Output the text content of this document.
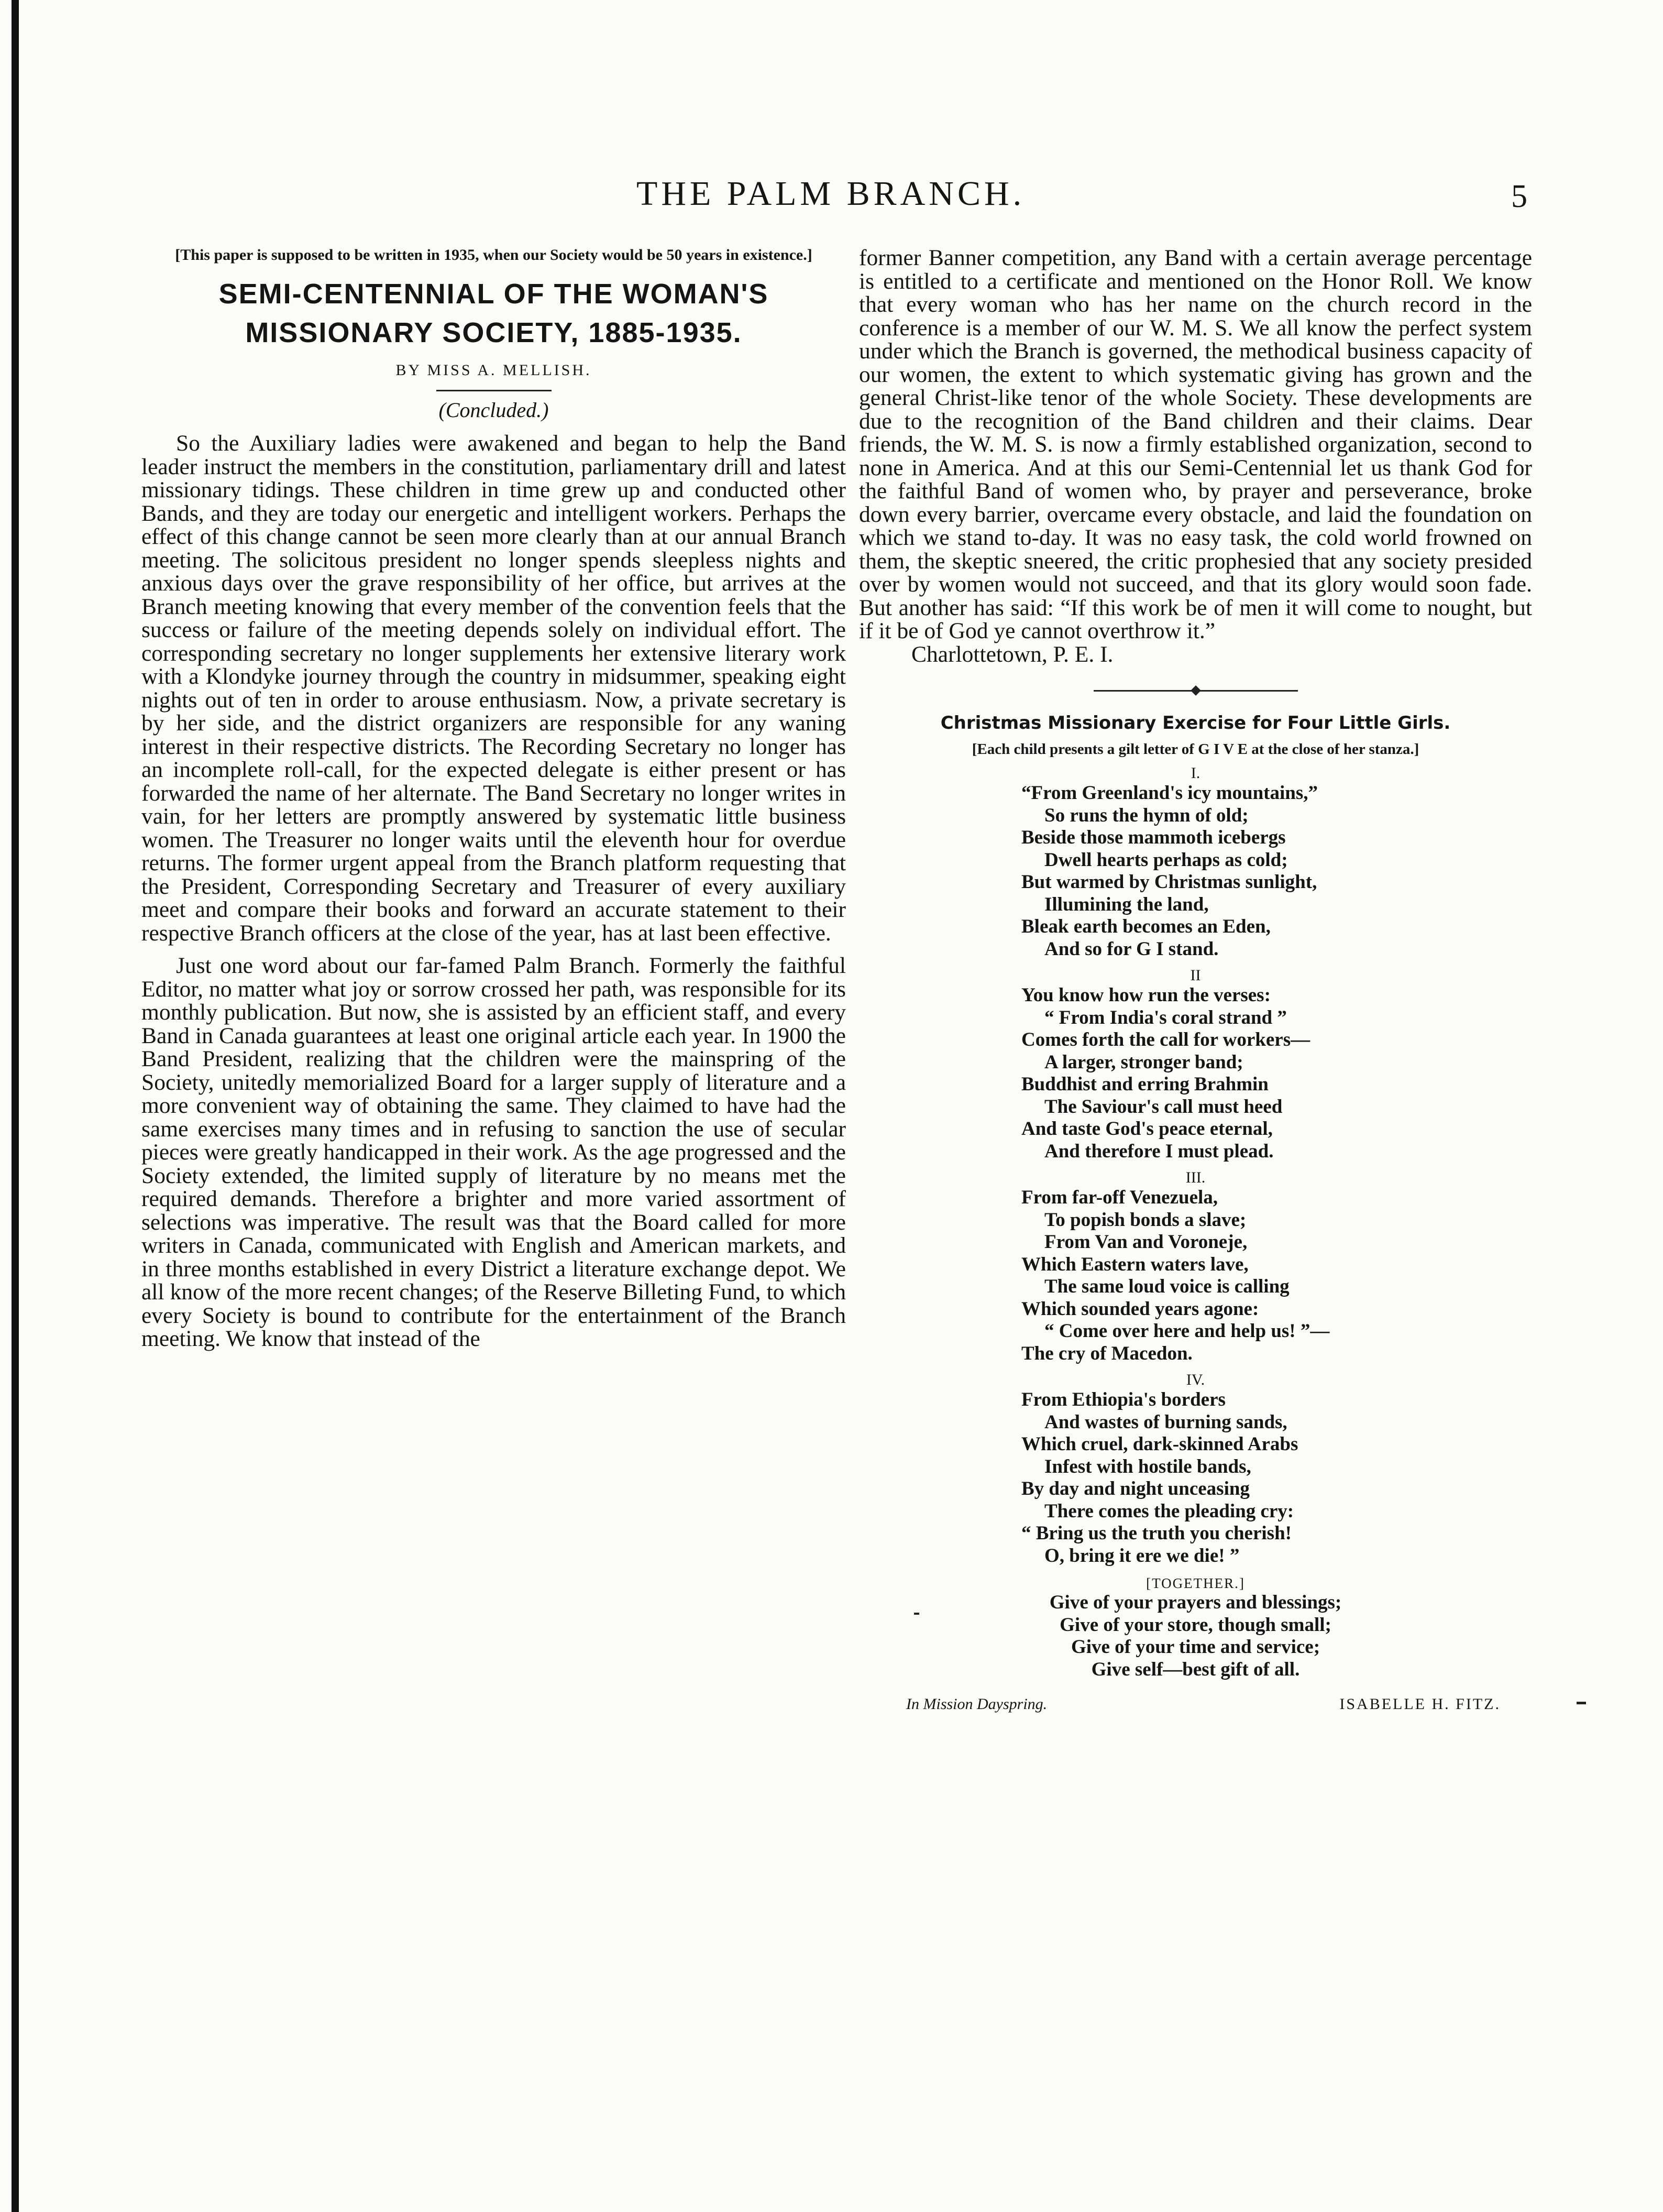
THE PALM BRANCH.	5
[This paper is supposed to be written in 1935, when our Society would be 50 years in existence.]
SEMI-CENTENNIAL OF THE WOMAN'S MISSIONARY SOCIETY, 1885-1935.
BY MISS A. MELLISH.
(Concluded.)

So the Auxiliary ladies were awakened and began to help the Band leader instruct the members in the constitution, parliamentary drill and latest missionary tidings. These children in time grew up and conducted other Bands, and they are today our energetic and intelligent workers. Perhaps the effect of this change cannot be seen more clearly than at our annual Branch meeting. The solicitous president no longer spends sleepless nights and anxious days over the grave responsibility of her office, but arrives at the Branch meeting knowing that every member of the convention feels that the success or failure of the meeting depends solely on individual effort. The corresponding secretary no longer supplements her extensive literary work with a Klondyke journey through the country in midsummer, speaking eight nights out of ten in order to arouse enthusiasm. Now, a private secretary is by her side, and the district organizers are responsible for any waning interest in their respective districts. The Recording Secretary no longer has an incomplete roll-call, for the expected delegate is either present or has forwarded the name of her alternate. The Band Secretary no longer writes in vain, for her letters are promptly answered by systematic little business women. The Treasurer no longer waits until the eleventh hour for overdue returns. The former urgent appeal from the Branch platform requesting that the President, Corresponding Secretary and Treasurer of every auxiliary meet and compare their books and forward an accurate statement to their respective Branch officers at the close of the year, has at last been effective.

Just one word about our far-famed Palm Branch. Formerly the faithful Editor, no matter what joy or sorrow crossed her path, was responsible for its monthly publication. But now, she is assisted by an efficient staff, and every Band in Canada guarantees at least one original article each year. In 1900 the Band President, realizing that the children were the mainspring of the Society, unitedly memorialized Board for a larger supply of literature and a more convenient way of obtaining the same. They claimed to have had the same exercises many times and in refusing to sanction the use of secular pieces were greatly handicapped in their work. As the age progressed and the Society extended, the limited supply of literature by no means met the required demands. Therefore a brighter and more varied assortment of selections was imperative. The result was that the Board called for more writers in Canada, communicated with English and American markets, and in three months established in every District a literature exchange depot. We all know of the more recent changes; of the Reserve Billeting Fund, to which every Society is bound to contribute for the entertainment of the Branch meeting. We know that instead of the

former Banner competition, any Band with a certain average percentage is entitled to a certificate and mentioned on the Honor Roll. We know that every woman who has her name on the church record in the conference is a member of our W. M. S. We all know the perfect system under which the Branch is governed, the methodical business capacity of our women, the extent to which systematic giving has grown and the general Christ-like tenor of the whole Society. These developments are due to the recognition of the Band children and their claims. Dear friends, the W. M. S. is now a firmly established organization, second to none in America. And at this our Semi-Centennial let us thank God for the faithful Band of women who, by prayer and perseverance, broke down every barrier, overcame every obstacle, and laid the foundation on which we stand to-day. It was no easy task, the cold world frowned on them, the skeptic sneered, the critic prophesied that any society presided over by women would not succeed, and that its glory would soon fade. But another has said: “If this work be of men it will come to nought, but if it be of God ye cannot overthrow it.”

Charlottetown, P. E. I.

Christmas Missionary Exercise for Four Little Girls.
[Each child presents a gilt letter of G I V E at the close of her stanza.]
I.
“From Greenland's icy mountains,”
So runs the hymn of old;
Beside those mammoth icebergs
Dwell hearts perhaps as cold;
But warmed by Christmas sunlight,
Illumining the land,
Bleak earth becomes an Eden,
And so for G I stand.
II
You know how run the verses:
“ From India's coral strand ”
Comes forth the call for workers—
A larger, stronger band;
Buddhist and erring Brahmin
The Saviour's call must heed
And taste God's peace eternal,
And therefore I must plead.
III.
From far-off Venezuela,
To popish bonds a slave;
From Van and Voroneje,
Which Eastern waters lave,
The same loud voice is calling
Which sounded years agone:
“ Come over here and help us! ”—
The cry of Macedon.
IV.
From Ethiopia's borders
And wastes of burning sands,
Which cruel, dark-skinned Arabs
Infest with hostile bands,
By day and night unceasing
There comes the pleading cry:
“ Bring us the truth you cherish!
O, bring it ere we die! ”
[TOGETHER.]
Give of your prayers and blessings;
Give of your store, though small;
Give of your time and service;
Give self—best gift of all.
In Mission Dayspring.	ISABELLE H. FITZ.
